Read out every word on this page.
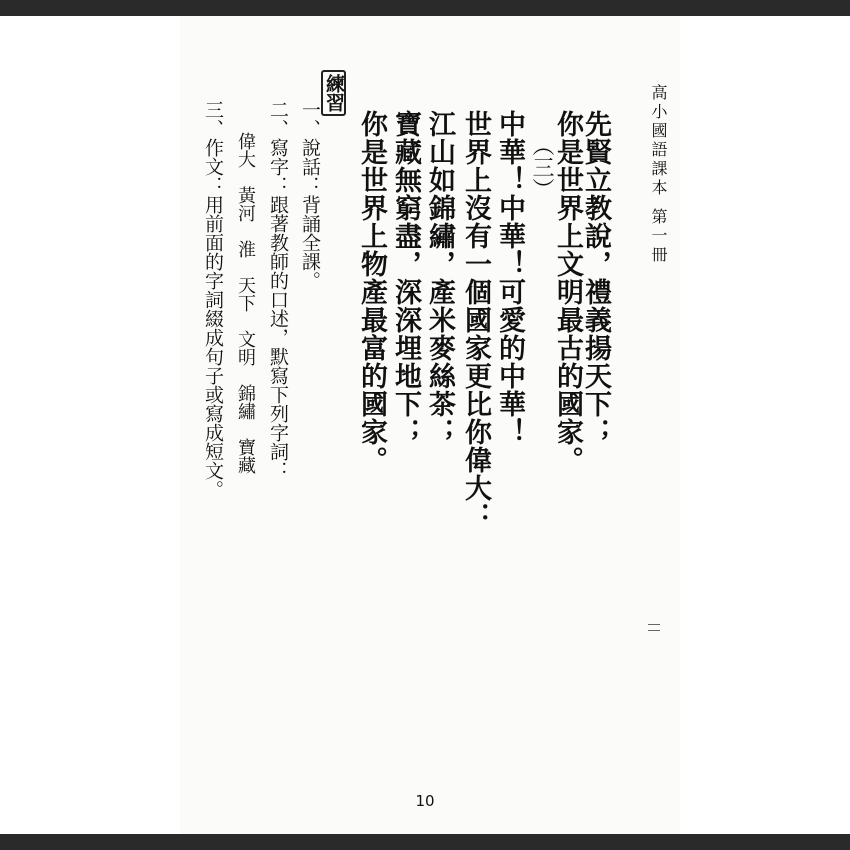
高小國語課本第一冊
先賢立教說，禮義揚天下；
你是世界上文明最古的國家。
（三）
中華！中華！可愛的中華！
世界上沒有一個國家更比你偉大：
江山如錦繡，產米麥絲茶；
寶藏無窮盡，深深埋地下；
你是世界上物產最富的國家。
練習
一、說話：背誦全課。
二、寫字：跟著教師的口述，默寫下列字詞：
偉大　黃河　淮　天下　文明　錦繡　寶藏
三、作文：用前面的字詞綴成句子或寫成短文。
10
